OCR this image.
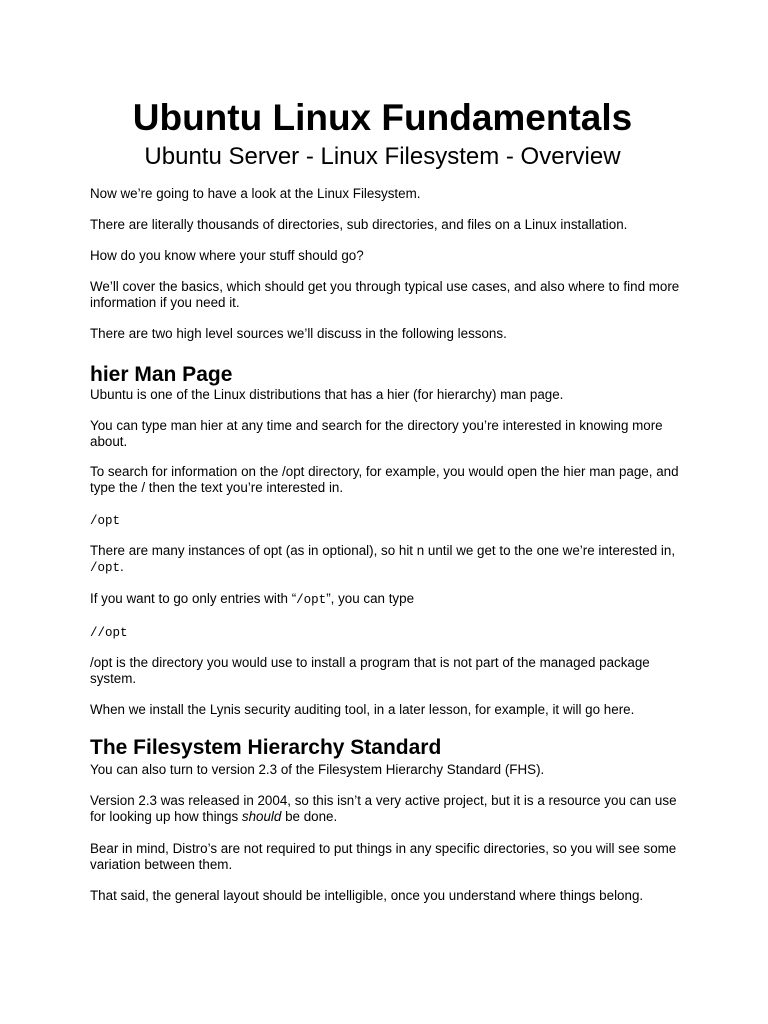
Ubuntu Linux Fundamentals
Ubuntu Server - Linux Filesystem - Overview

Now we’re going to have a look at the Linux Filesystem.

There are literally thousands of directories, sub directories, and files on a Linux installation.

How do you know where your stuff should go?

We’ll cover the basics, which should get you through typical use cases, and also where to find more information if you need it.

There are two high level sources we’ll discuss in the following lessons.

hier Man Page

Ubuntu is one of the Linux distributions that has a hier (for hierarchy) man page.

You can type man hier at any time and search for the directory you’re interested in knowing more about.

To search for information on the /opt directory, for example, you would open the hier man page, and type the / then the text you’re interested in.

/opt

There are many instances of opt (as in optional), so hit n until we get to the one we’re interested in, /opt.

If you want to go only entries with “/opt”, you can type

//opt

/opt is the directory you would use to install a program that is not part of the managed package system.

When we install the Lynis security auditing tool, in a later lesson, for example, it will go here.

The Filesystem Hierarchy Standard

You can also turn to version 2.3 of the Filesystem Hierarchy Standard (FHS).

Version 2.3 was released in 2004, so this isn’t a very active project, but it is a resource you can use for looking up how things should be done.

Bear in mind, Distro’s are not required to put things in any specific directories, so you will see some variation between them.

That said, the general layout should be intelligible, once you understand where things belong.
